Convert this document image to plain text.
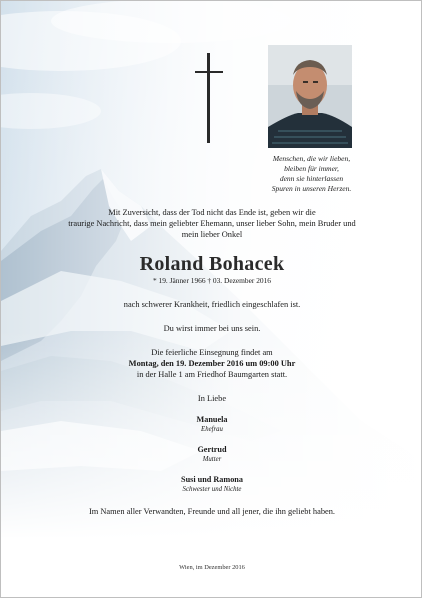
Menschen, die wir lieben,
bleiben für immer,
denn sie hinterlassen
Spuren in unseren Herzen.
Mit Zuversicht, dass der Tod nicht das Ende ist, geben wir die
traurige Nachricht, dass mein geliebter Ehemann, unser lieber Sohn, mein Bruder und
mein lieber Onkel
Roland Bohacek
* 19. Jänner 1966 † 03. Dezember 2016
nach schwerer Krankheit, friedlich eingeschlafen ist.
Du wirst immer bei uns sein.
Die feierliche Einsegnung findet am
Montag, den 19. Dezember 2016 um 09:00 Uhr
in der Halle 1 am Friedhof Baumgarten statt.
In Liebe
Manuela
Ehefrau
Gertrud
Mutter
Susi und Ramona
Schwester und Nichte
Im Namen aller Verwandten, Freunde und all jener, die ihn geliebt haben.
Wien, im Dezember 2016
